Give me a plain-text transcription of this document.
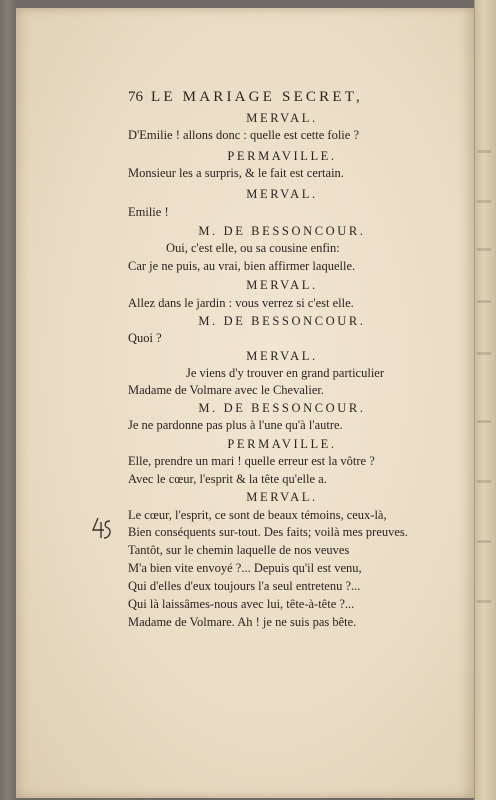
76 LE MARIAGE SECRET,
MERVAL.
D'Emilie ! allons donc : quelle est cette folie ?
PERMAVILLE.
Monsieur les a surpris, & le fait est certain.
MERVAL.
Emilie !
M. DE BESSONCOUR.
Oui, c'est elle, ou sa cousine enfin:
Car je ne puis, au vrai, bien affirmer laquelle.
MERVAL.
Allez dans le jardin : vous verrez si c'est elle.
M. DE BESSONCOUR.
Quoi ?
MERVAL.
Je viens d'y trouver en grand particulier
Madame de Volmare avec le Chevalier.
M. DE BESSONCOUR.
Je ne pardonne pas plus à l'une qu'à l'autre.
PERMAVILLE.
Elle, prendre un mari ! quelle erreur est la vôtre ?
Avec le cœur, l'esprit & la tête qu'elle a.
MERVAL.
Le cœur, l'esprit, ce sont de beaux témoins, ceux-là,
Bien conséquents sur-tout. Des faits; voilà mes preuves.
Tantôt, sur le chemin laquelle de nos veuves
M'a bien vite envoyé ?... Depuis qu'il est venu,
Qui d'elles d'eux toujours l'a seul entretenu ?...
Qui là laissâmes-nous avec lui, tête-à-tête ?...
Madame de Volmare. Ah ! je ne suis pas bête.
